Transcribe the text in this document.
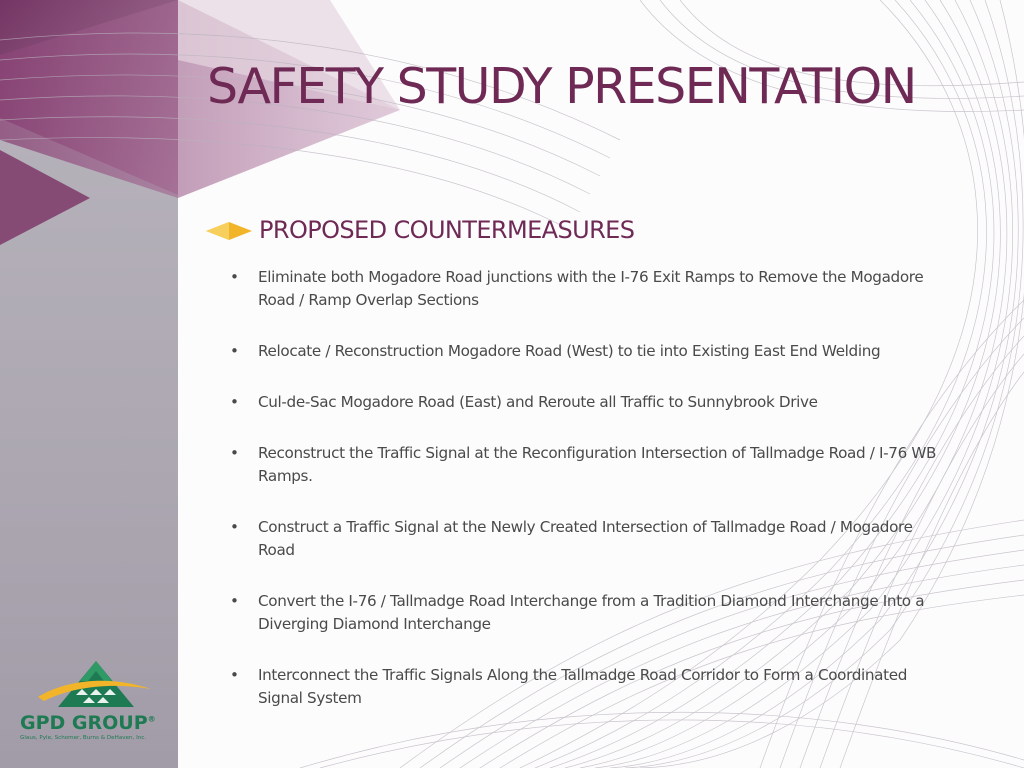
SAFETY STUDY PRESENTATION
PROPOSED COUNTERMEASURES
• Eliminate both Mogadore Road junctions with the I-76 Exit Ramps to Remove the Mogadore Road / Ramp Overlap Sections
• Relocate / Reconstruction Mogadore Road (West) to tie into Existing East End Welding
• Cul-de-Sac Mogadore Road (East) and Reroute all Traffic to Sunnybrook Drive
• Reconstruct the Traffic Signal at the Reconfiguration Intersection of Tallmadge Road / I-76 WB Ramps.
• Construct a Traffic Signal at the Newly Created Intersection of Tallmadge Road / Mogadore Road
• Convert the I-76 / Tallmadge Road Interchange from a Tradition Diamond Interchange Into a Diverging Diamond Interchange
• Interconnect the Traffic Signals Along the Tallmadge Road Corridor to Form a Coordinated Signal System
GPD GROUP®
Glaus, Pyle, Schomer, Burns & DeHaven, Inc.
